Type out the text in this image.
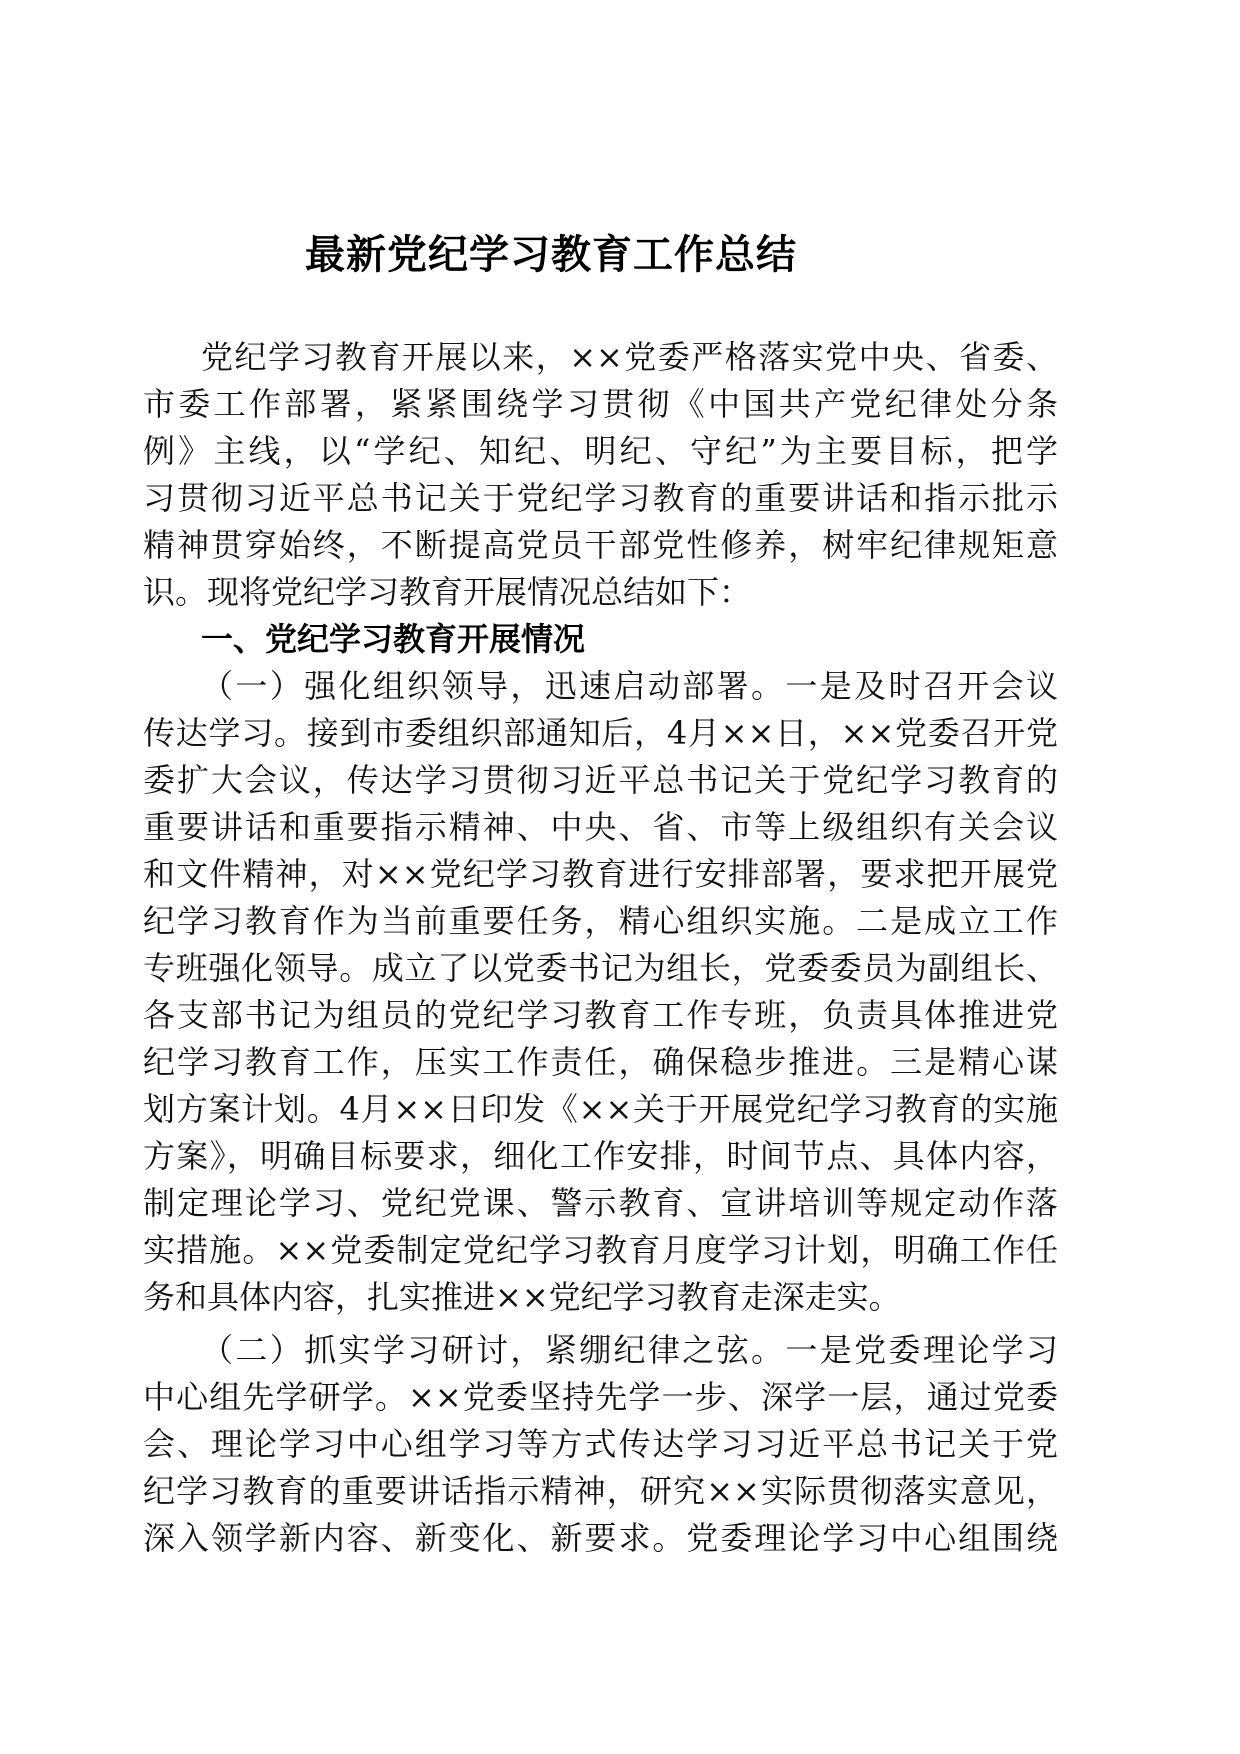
最新党纪学习教育工作总结
党纪学习教育开展以来，××党委严格落实党中央、省委、
市委工作部署，紧紧围绕学习贯彻《中国共产党纪律处分条
例》主线，以“学纪、知纪、明纪、守纪”为主要目标，把学
习贯彻习近平总书记关于党纪学习教育的重要讲话和指示批示
精神贯穿始终，不断提高党员干部党性修养，树牢纪律规矩意
识。现将党纪学习教育开展情况总结如下：
一、党纪学习教育开展情况
（一）强化组织领导，迅速启动部署。一是及时召开会议
传达学习。接到市委组织部通知后，4月××日，××党委召开党
委扩大会议，传达学习贯彻习近平总书记关于党纪学习教育的
重要讲话和重要指示精神、中央、省、市等上级组织有关会议
和文件精神，对××党纪学习教育进行安排部署，要求把开展党
纪学习教育作为当前重要任务，精心组织实施。二是成立工作
专班强化领导。成立了以党委书记为组长，党委委员为副组长、
各支部书记为组员的党纪学习教育工作专班，负责具体推进党
纪学习教育工作，压实工作责任，确保稳步推进。三是精心谋
划方案计划。4月××日印发《××关于开展党纪学习教育的实施
方案》，明确目标要求，细化工作安排，时间节点、具体内容，
制定理论学习、党纪党课、警示教育、宣讲培训等规定动作落
实措施。××党委制定党纪学习教育月度学习计划，明确工作任
务和具体内容，扎实推进××党纪学习教育走深走实。
（二）抓实学习研讨，紧绷纪律之弦。一是党委理论学习
中心组先学研学。××党委坚持先学一步、深学一层，通过党委
会、理论学习中心组学习等方式传达学习习近平总书记关于党
纪学习教育的重要讲话指示精神，研究××实际贯彻落实意见，
深入领学新内容、新变化、新要求。党委理论学习中心组围绕
